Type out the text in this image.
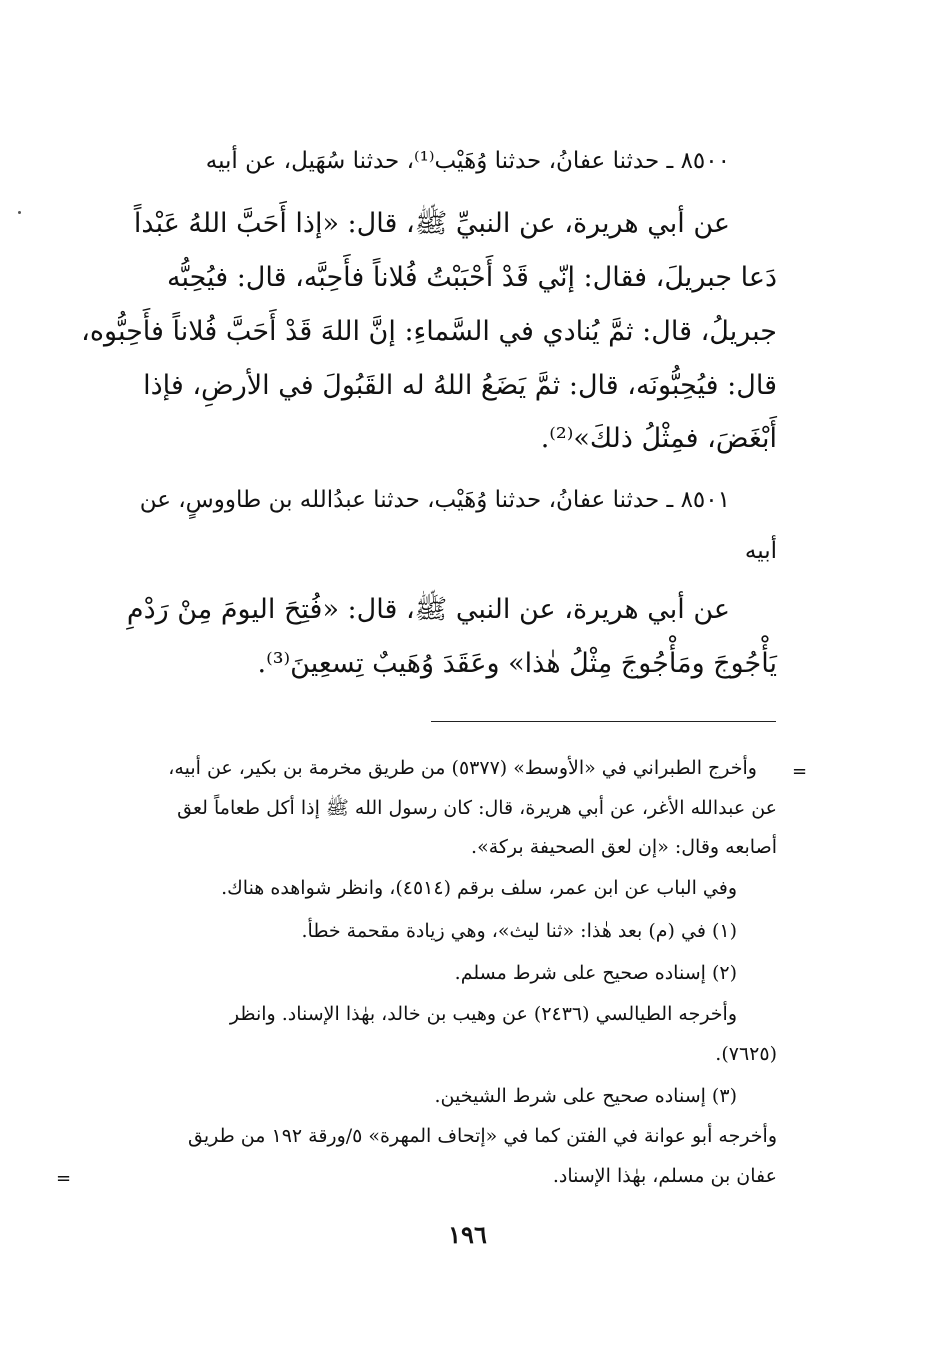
٨٥٠٠ ـ حدثنا عفانُ، حدثنا وُهَيْب⁽¹⁾، حدثنا سُهَيل، عن أبيه

عن أبي هريرة، عن النبيِّ ﷺ، قال: «إذا أَحَبَّ اللهُ عَبْداً

دَعا جبريلَ، فقال: إنّي قَدْ أَحْبَبْتُ فُلاناً فأَحِبَّه، قال: فيُحِبُّه

جبريلُ، قال: ثمَّ يُنادي في السَّماءِ: إنَّ اللهَ قَدْ أَحَبَّ فُلاناً فأَحِبُّوه،

قال: فيُحِبُّونَه، قال: ثمَّ يَضَعُ اللهُ له القَبُولَ في الأرضِ، فإذا

أَبْغَضَ، فمِثْلُ ذلكَ»⁽²⁾.

٨٥٠١ ـ حدثنا عفانُ، حدثنا وُهَيْب، حدثنا عبدُالله بن طاووسٍ، عن

أبيه

عن أبي هريرة، عن النبي ﷺ، قال: «فُتِحَ اليومَ مِنْ رَدْمِ

يَأْجُوجَ ومَأْجُوجَ مِثْلُ هٰذا» وعَقَدَ وُهَيبٌ تِسعِينَ⁽³⁾.

=

وأخرج الطبراني في «الأوسط» (٥٣٧٧) من طريق مخرمة بن بكير، عن أبيه،

عن عبدالله الأغر، عن أبي هريرة، قال: كان رسول الله ﷺ إذا أكل طعاماً لعق

أصابعه وقال: «إن لعق الصحيفة بركة».

وفي الباب عن ابن عمر، سلف برقم (٤٥١٤)، وانظر شواهده هناك.

(١) في (م) بعد هٰذا: «ثنا ليث»، وهي زيادة مقحمة خطأ.

(٢) إسناده صحيح على شرط مسلم.

وأخرجه الطيالسي (٢٤٣٦) عن وهيب بن خالد، بهٰذا الإسناد. وانظر

(٧٦٢٥).

(٣) إسناده صحيح على شرط الشيخين.

وأخرجه أبو عوانة في الفتن كما في «إتحاف المهرة» ٥/ورقة ١٩٢ من طريق

عفان بن مسلم، بهٰذا الإسناد.

=
١٩٦
